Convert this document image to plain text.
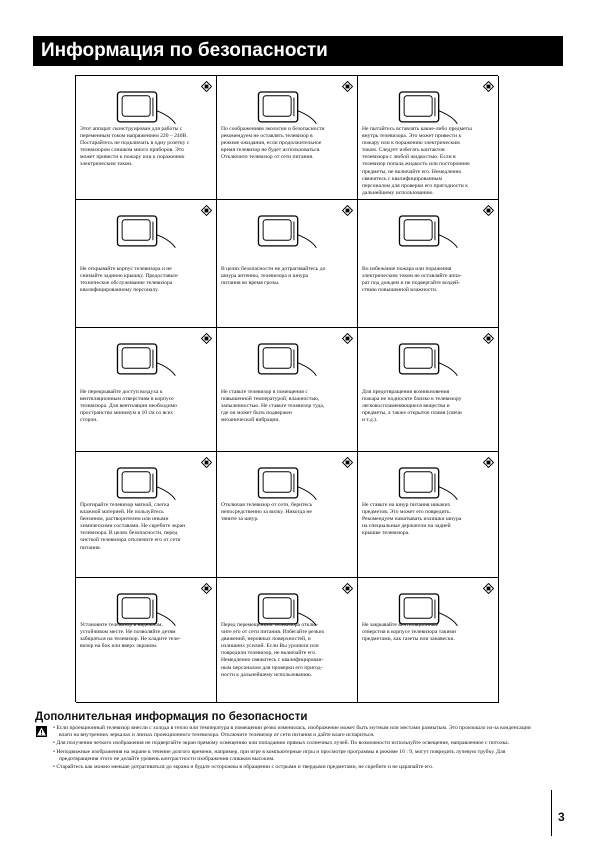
Информация по безопасности
Этот аппарат сконструирован для работы с
переменным током напряжением 220 – 240В.
Постарайтесь не подключать в одну розетку с
телевизором слишком много приборов. Это
может привести к пожару или к поражению
электрическим током.
По соображениям экологии и безопасности
рекомендуем не оставлять телевизор в
режиме ожидания, если продолжительное
время телевизор не будет использоваться.
Отключите телевизор от сети питания.
Не пытайтесь вставлять какие-либо предметы
внутрь телевизора. Это может привести к
пожару или к поражению электрическим
током. Следует избегать контактов
телевизора с любой жидкостью. Если в
телевизор попала жидкость или посторонние
предметы, не включайте его. Немедленно
свяжитесь с квалифицированным
персоналом для проверки его пригодности к
дальнейшему использованию.
Не открывайте корпус телевизора и не
снимайте заднюю крышку. Предоставьте
техническое обслуживание телевизора
квалифицированному персоналу.
В целях безопасности не дотрагивайтесь до
шнура антенны, телевизора и шнура
питания во время грозы.
Во избежание пожара или поражения
электрическим током не оставляйте аппа-
рат под дождем и не подвергайте воздей-
ствию повышенной влажности.
Не перекрывайте доступ воздуха к
вентиляционным отверстиям в корпусе
телевизора. Для вентиляции необходимо
пространство минимум в 10 см со всех
сторон.
Не ставьте телевизор в помещения с
повышенной температурой, влажностью,
запыленностью. Не ставьте телевизор туда,
где он может быть подвержен
механической вибрации.
Для предотвращения возникновения
пожара не подносите близко к телевизору
легковоспламеняющиеся вещества и
предметы, а также открытое пламя (свечи
и т.д.).
Протирайте телевизор мягкой, слегка
влажной материей. Не пользуйтесь
бензином, растворителем или иными
химическими составами. Не скребите экран
телевизора. В целях безопасности, перед
чисткой телевизора отключите его от сети
питания.
Отключая телевизор от сети, беритесь
непосредственно за вилку. Никогда не
тяните за шнур.
Не ставьте на шнур питания никаких
предметов. Это может его повредить.
Рекомендуем наматывать излишки шнура
на специальные держатели на задней
крышке телевизора.
Установите телевизор в надежном,
устойчивом месте. Не позволяйте детям
забираться на телевизор. Не кладите теле-
визор на бок или вверх экраном.
Перед перемещением телевизора отклю-
чите его от сети питания. Избегайте резких
движений, неровных поверхностей, и
излишних усилий. Если Вы уронили или
повредили телевизор, не включайте его.
Немедленно свяжитесь с квалифицирован-
ным персоналом для проверки его пригод-
ности к дальнейшему использованию.
Не закрывайте вентиляционные
отверстия в корпусе телевизора такими
предметами, как газеты или занавески.
Дополнительная информация по безопасности
• Если проекционный телевизор внесли с холода в тепло или температура в помещении резко изменилась, изображение может быть мутным или местами размытым. Это произошло из-за конденсации влаги на внутренних зеркалах и линзах проекционного телевизора. Отключите телевизор от сети питания и дайте влаге испариться.
• Для получения четкого изображения не подвергайте экран прямому освещению или попаданию прямых солнечных лучей. По возможности используйте освещение, направленное с потолка.
• Неподвижные изображения на экране в течение долгого времени, например, при игре в компьютерные игры и просмотре программы в режиме 16 : 9, могут повредить лучевую трубку. Для предотвращения этого не делайте уровень контрастности изображения слишком высоким.
• Старайтесь как можно меньше дотрагиваться до экрана и будьте осторожны в обращении с острыми и твердыми предметами, не скребите и не царапайте его.
3
